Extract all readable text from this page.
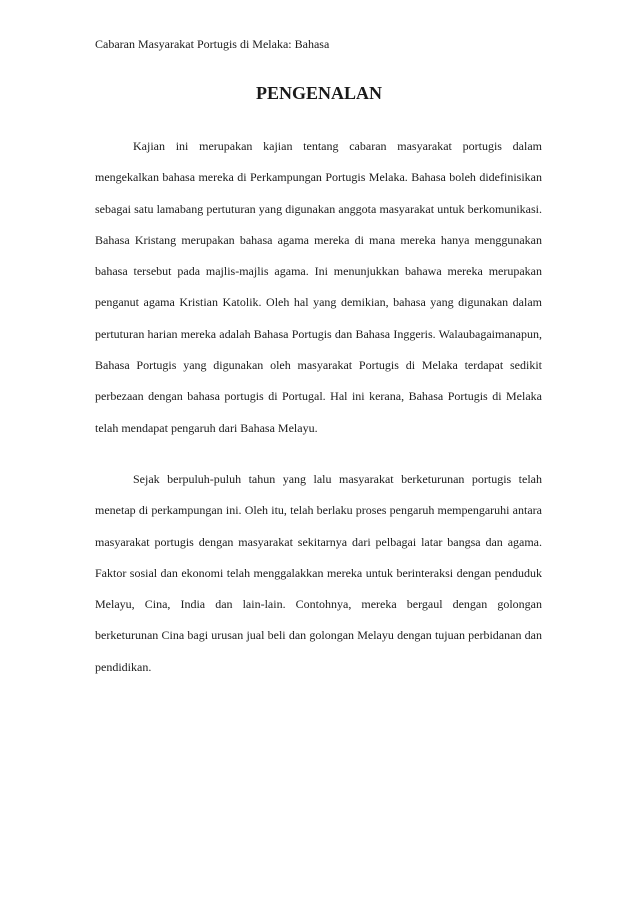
Cabaran Masyarakat Portugis di Melaka: Bahasa
PENGENALAN

Kajian ini merupakan kajian tentang cabaran masyarakat portugis dalam mengekalkan bahasa mereka di Perkampungan Portugis Melaka. Bahasa boleh didefinisikan sebagai satu lamabang pertuturan yang digunakan anggota masyarakat untuk berkomunikasi. Bahasa Kristang merupakan bahasa agama mereka di mana mereka hanya menggunakan bahasa tersebut pada majlis-majlis agama. Ini menunjukkan bahawa mereka merupakan penganut agama Kristian Katolik. Oleh hal yang demikian, bahasa yang digunakan dalam pertuturan harian mereka adalah Bahasa Portugis dan Bahasa Inggeris. Walaubagaimanapun, Bahasa Portugis yang digunakan oleh masyarakat Portugis di Melaka terdapat sedikit perbezaan dengan bahasa portugis di Portugal. Hal ini kerana, Bahasa Portugis di Melaka telah mendapat pengaruh dari Bahasa Melayu.

Sejak berpuluh-puluh tahun yang lalu masyarakat berketurunan portugis telah menetap di perkampungan ini. Oleh itu, telah berlaku proses pengaruh mempengaruhi antara masyarakat portugis dengan masyarakat sekitarnya dari pelbagai latar bangsa dan agama. Faktor sosial dan ekonomi telah menggalakkan mereka untuk berinteraksi dengan penduduk Melayu, Cina, India dan lain-lain. Contohnya, mereka bergaul dengan golongan berketurunan Cina bagi urusan jual beli dan golongan Melayu dengan tujuan perbidanan dan pendidikan.
